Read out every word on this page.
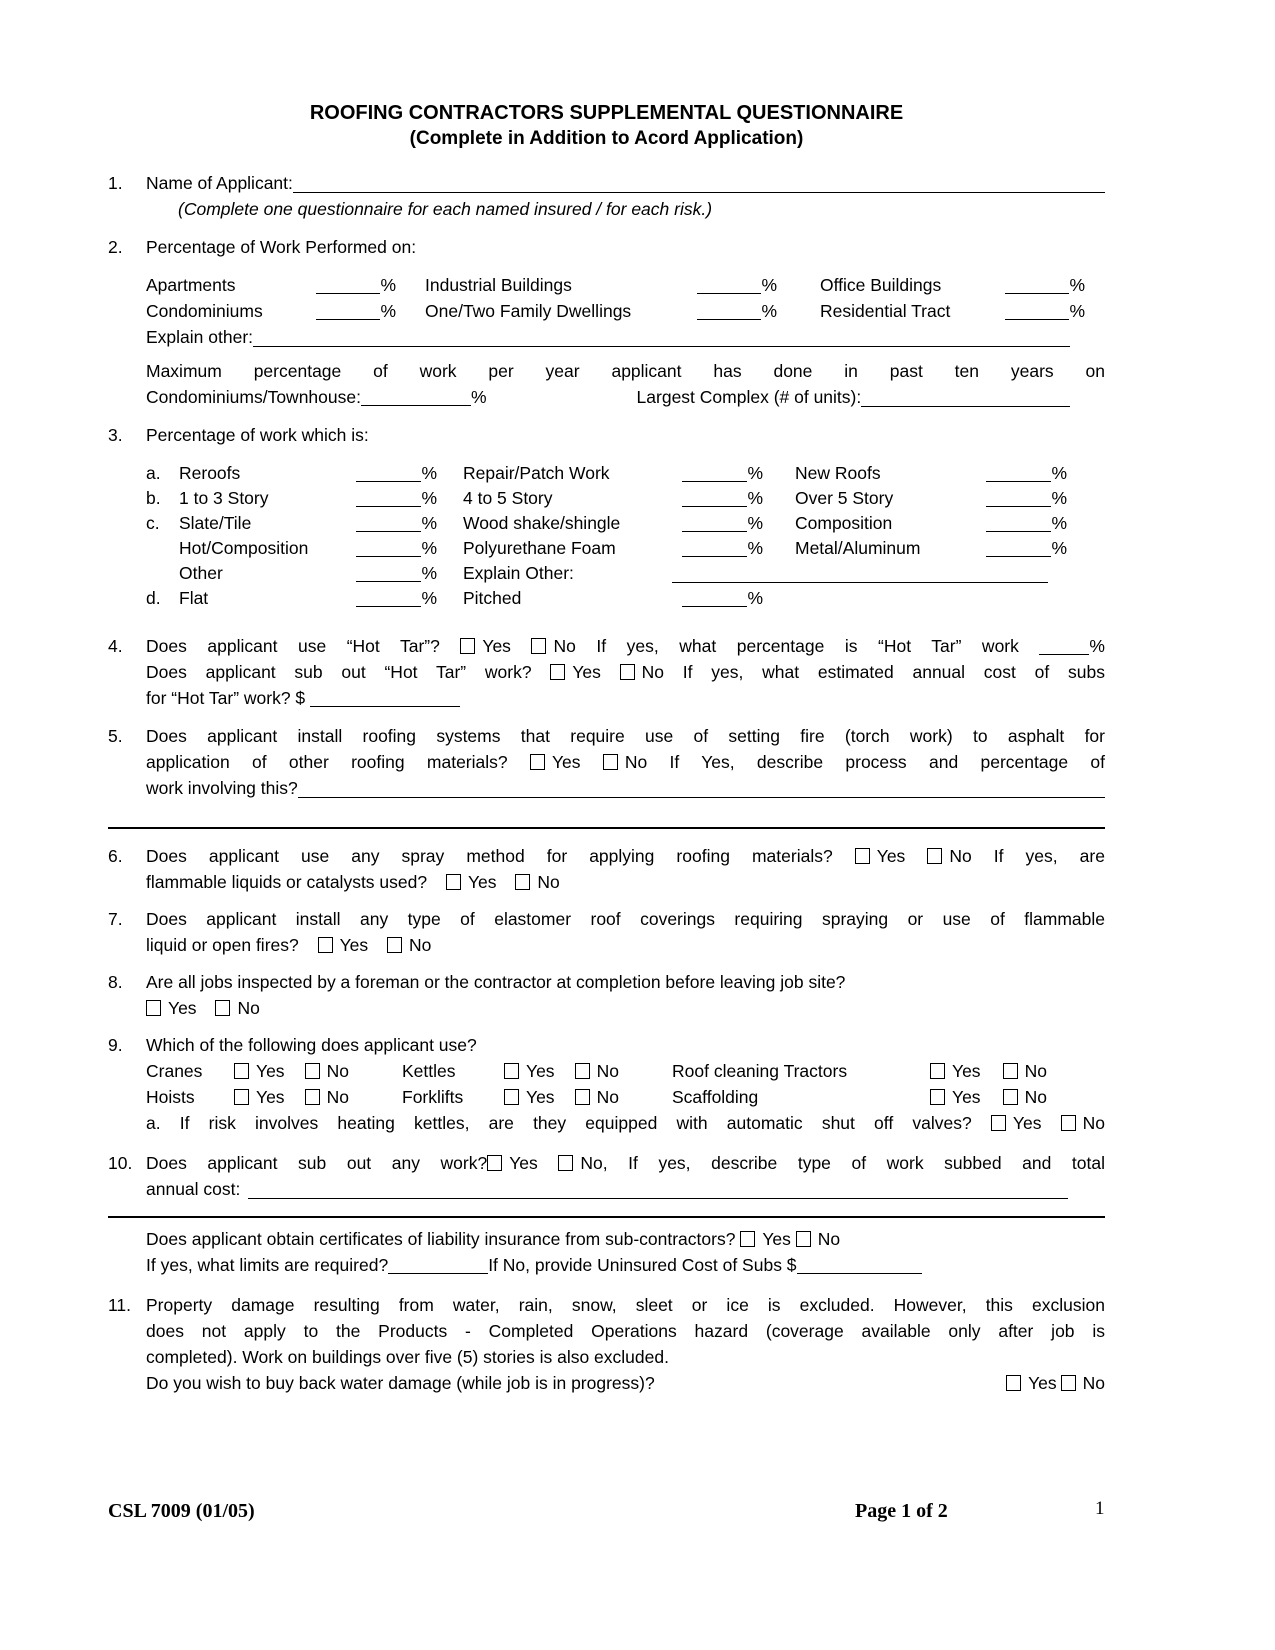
ROOFING CONTRACTORS SUPPLEMENTAL QUESTIONNAIRE
(Complete in Addition to Acord Application)
1.	Name of Applicant:
(Complete one questionnaire for each named insured / for each risk.)
2.	Percentage of Work Performed on:
Apartments	% Industrial Buildings	% Office Buildings	%
Condominiums	% One/Two Family Dwellings	% Residential Tract	%
Explain other:
Maximum percentage of work per year applicant has done in past ten years on
Condominiums/Townhouse:	%	Largest Complex (# of units):
3.	Percentage of work which is:
a.	Reroofs	% Repair/Patch Work	% New Roofs	%
b.	1 to 3 Story	% 4 to 5 Story	% Over 5 Story	%
c.	Slate/Tile	% Wood shake/shingle	% Composition	%
Hot/Composition	% Polyurethane Foam	% Metal/Aluminum	%
Other	% Explain Other:
d.	Flat	% Pitched	%
4.	Does applicant use “Hot Tar”? Yes No If yes, what percentage is “Hot Tar” work	%
Does applicant sub out “Hot Tar” work? Yes No If yes, what estimated annual cost of subs
for “Hot Tar” work? $
5.	Does applicant install roofing systems that require use of setting fire (torch work) to asphalt for
application of other roofing materials?	Yes	No If Yes, describe process and percentage of
work involving this?
6.	Does applicant use any spray method for applying roofing materials?	Yes	No If yes, are
flammable liquids or catalysts used? Yes No
7.	Does applicant install any type of elastomer roof coverings requiring spraying or use of flammable
liquid or open fires? Yes No
8.	Are all jobs inspected by a foreman or the contractor at completion before leaving job site?
Yes No
9.	Which of the following does applicant use?
Cranes	Yes	No	Kettles	Yes	No	Roof cleaning Tractors	Yes	No
Hoists	Yes	No	Forklifts	Yes	No	Scaffolding	Yes	No
a. If risk involves heating kettles, are they equipped with automatic shut off valves? Yes No
10. Does applicant sub out any work? Yes No, If yes, describe type of work subbed and total
annual cost:
Does applicant obtain certificates of liability insurance from sub-contractors? Yes No
If yes, what limits are required?	If No, provide Uninsured Cost of Subs $
11. Property damage resulting from water, rain, snow, sleet or ice is excluded. However, this exclusion
does not apply to the Products - Completed Operations hazard (coverage available only after job is
completed). Work on buildings over five (5) stories is also excluded.
Do you wish to buy back water damage (while job is in progress)?	Yes No
CSL 7009 (01/05)	Page 1 of 2	1
